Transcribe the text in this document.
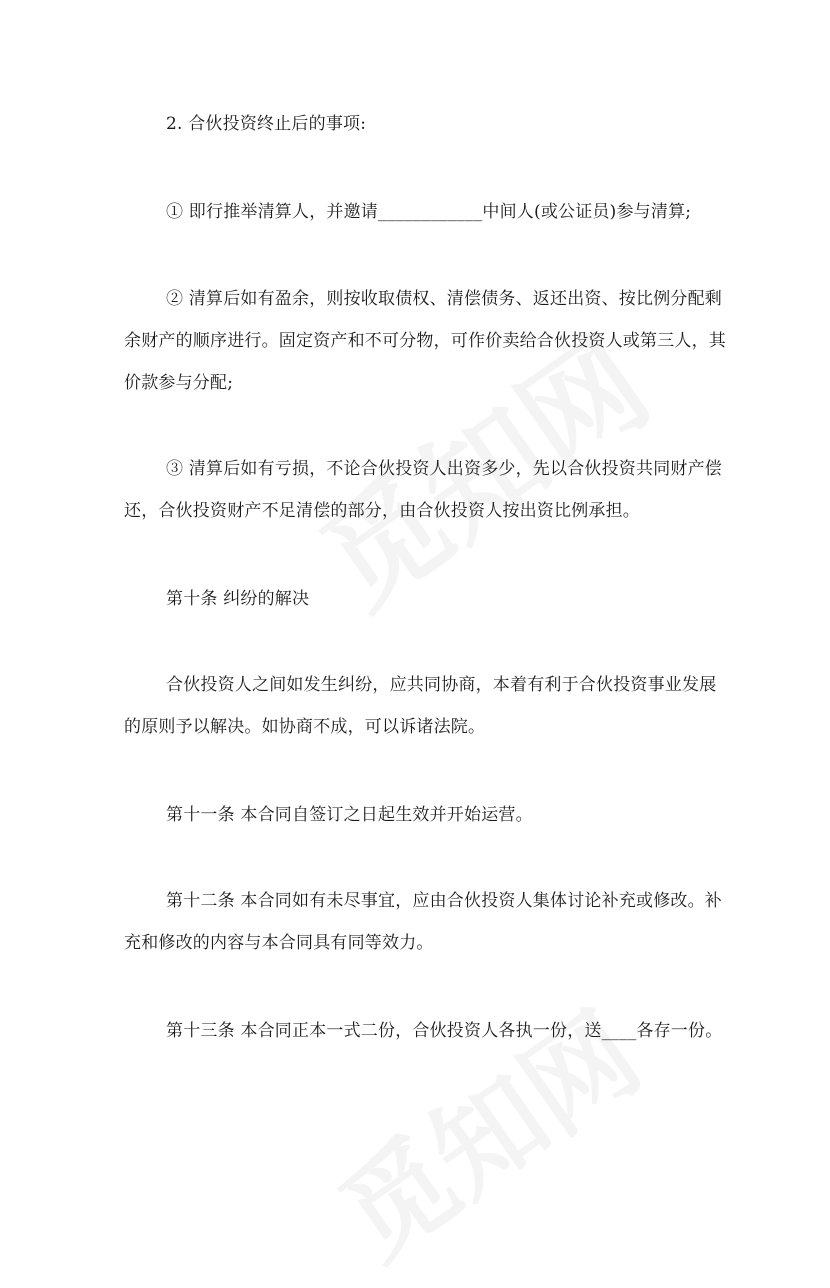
2. 合伙投资终止后的事项:

① 即行推举清算人，并邀请____________中间人(或公证员)参与清算;

② 清算后如有盈余，则按收取债权、清偿债务、返还出资、按比例分配剩
余财产的顺序进行。固定资产和不可分物，可作价卖给合伙投资人或第三人，其
价款参与分配;

③ 清算后如有亏损，不论合伙投资人出资多少，先以合伙投资共同财产偿
还，合伙投资财产不足清偿的部分，由合伙投资人按出资比例承担。

第十条 纠纷的解决

合伙投资人之间如发生纠纷，应共同协商，本着有利于合伙投资事业发展
的原则予以解决。如协商不成，可以诉诸法院。

第十一条 本合同自签订之日起生效并开始运营。

第十二条 本合同如有未尽事宜，应由合伙投资人集体讨论补充或修改。补
充和修改的内容与本合同具有同等效力。

第十三条 本合同正本一式二份，合伙投资人各执一份，送____各存一份。
